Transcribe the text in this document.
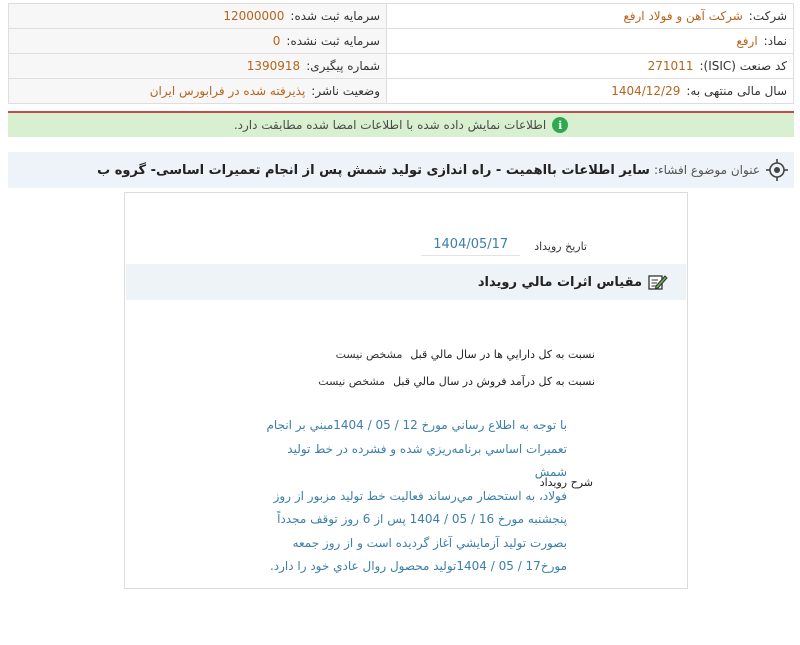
شرکت:شرکت آهن و فولاد ارفع	سرمایه ثبت شده:12000000
نماد:ارفع	سرمایه ثبت نشده:0
کد صنعت (ISIC):271011	شماره پیگیری:1390918
سال مالی منتهی به:1404/12/29	وضعیت ناشر:پذیرفته شده در فرابورس ایران
i
اطلاعات نمایش داده شده با اطلاعات امضا شده مطابقت دارد.
عنوان موضوع افشاء:
سایر اطلاعات بااهمیت - راه اندازی تولید شمش پس از انجام تعمیرات اساسی- گروه ب
تاریخ رویداد
1404/05/17
مقیاس اثرات مالي رویداد
نسبت به کل دارایي ها در سال مالي قبل
مشخص نیست
نسبت به کل درآمد فروش در سال مالي قبل
مشخص نیست
شرح رویداد
با توجه به اطلاع رساني مورخ 12 / 05 / 1404مبني بر انجام
تعمیرات اساسي برنامه‌ریزي شده و فشرده در خط تولید شمش
فولاد، به استحضار مي‌رساند فعالیت خط تولید مزبور از روز
پنجشنبه مورخ 16 / 05 / 1404 پس از 6 روز توقف مجدداً
بصورت تولید آزمایشي آغاز گردیده است و از روز جمعه
مورخ17 / 05 / 1404تولید محصول روال عادي خود را دارد.
